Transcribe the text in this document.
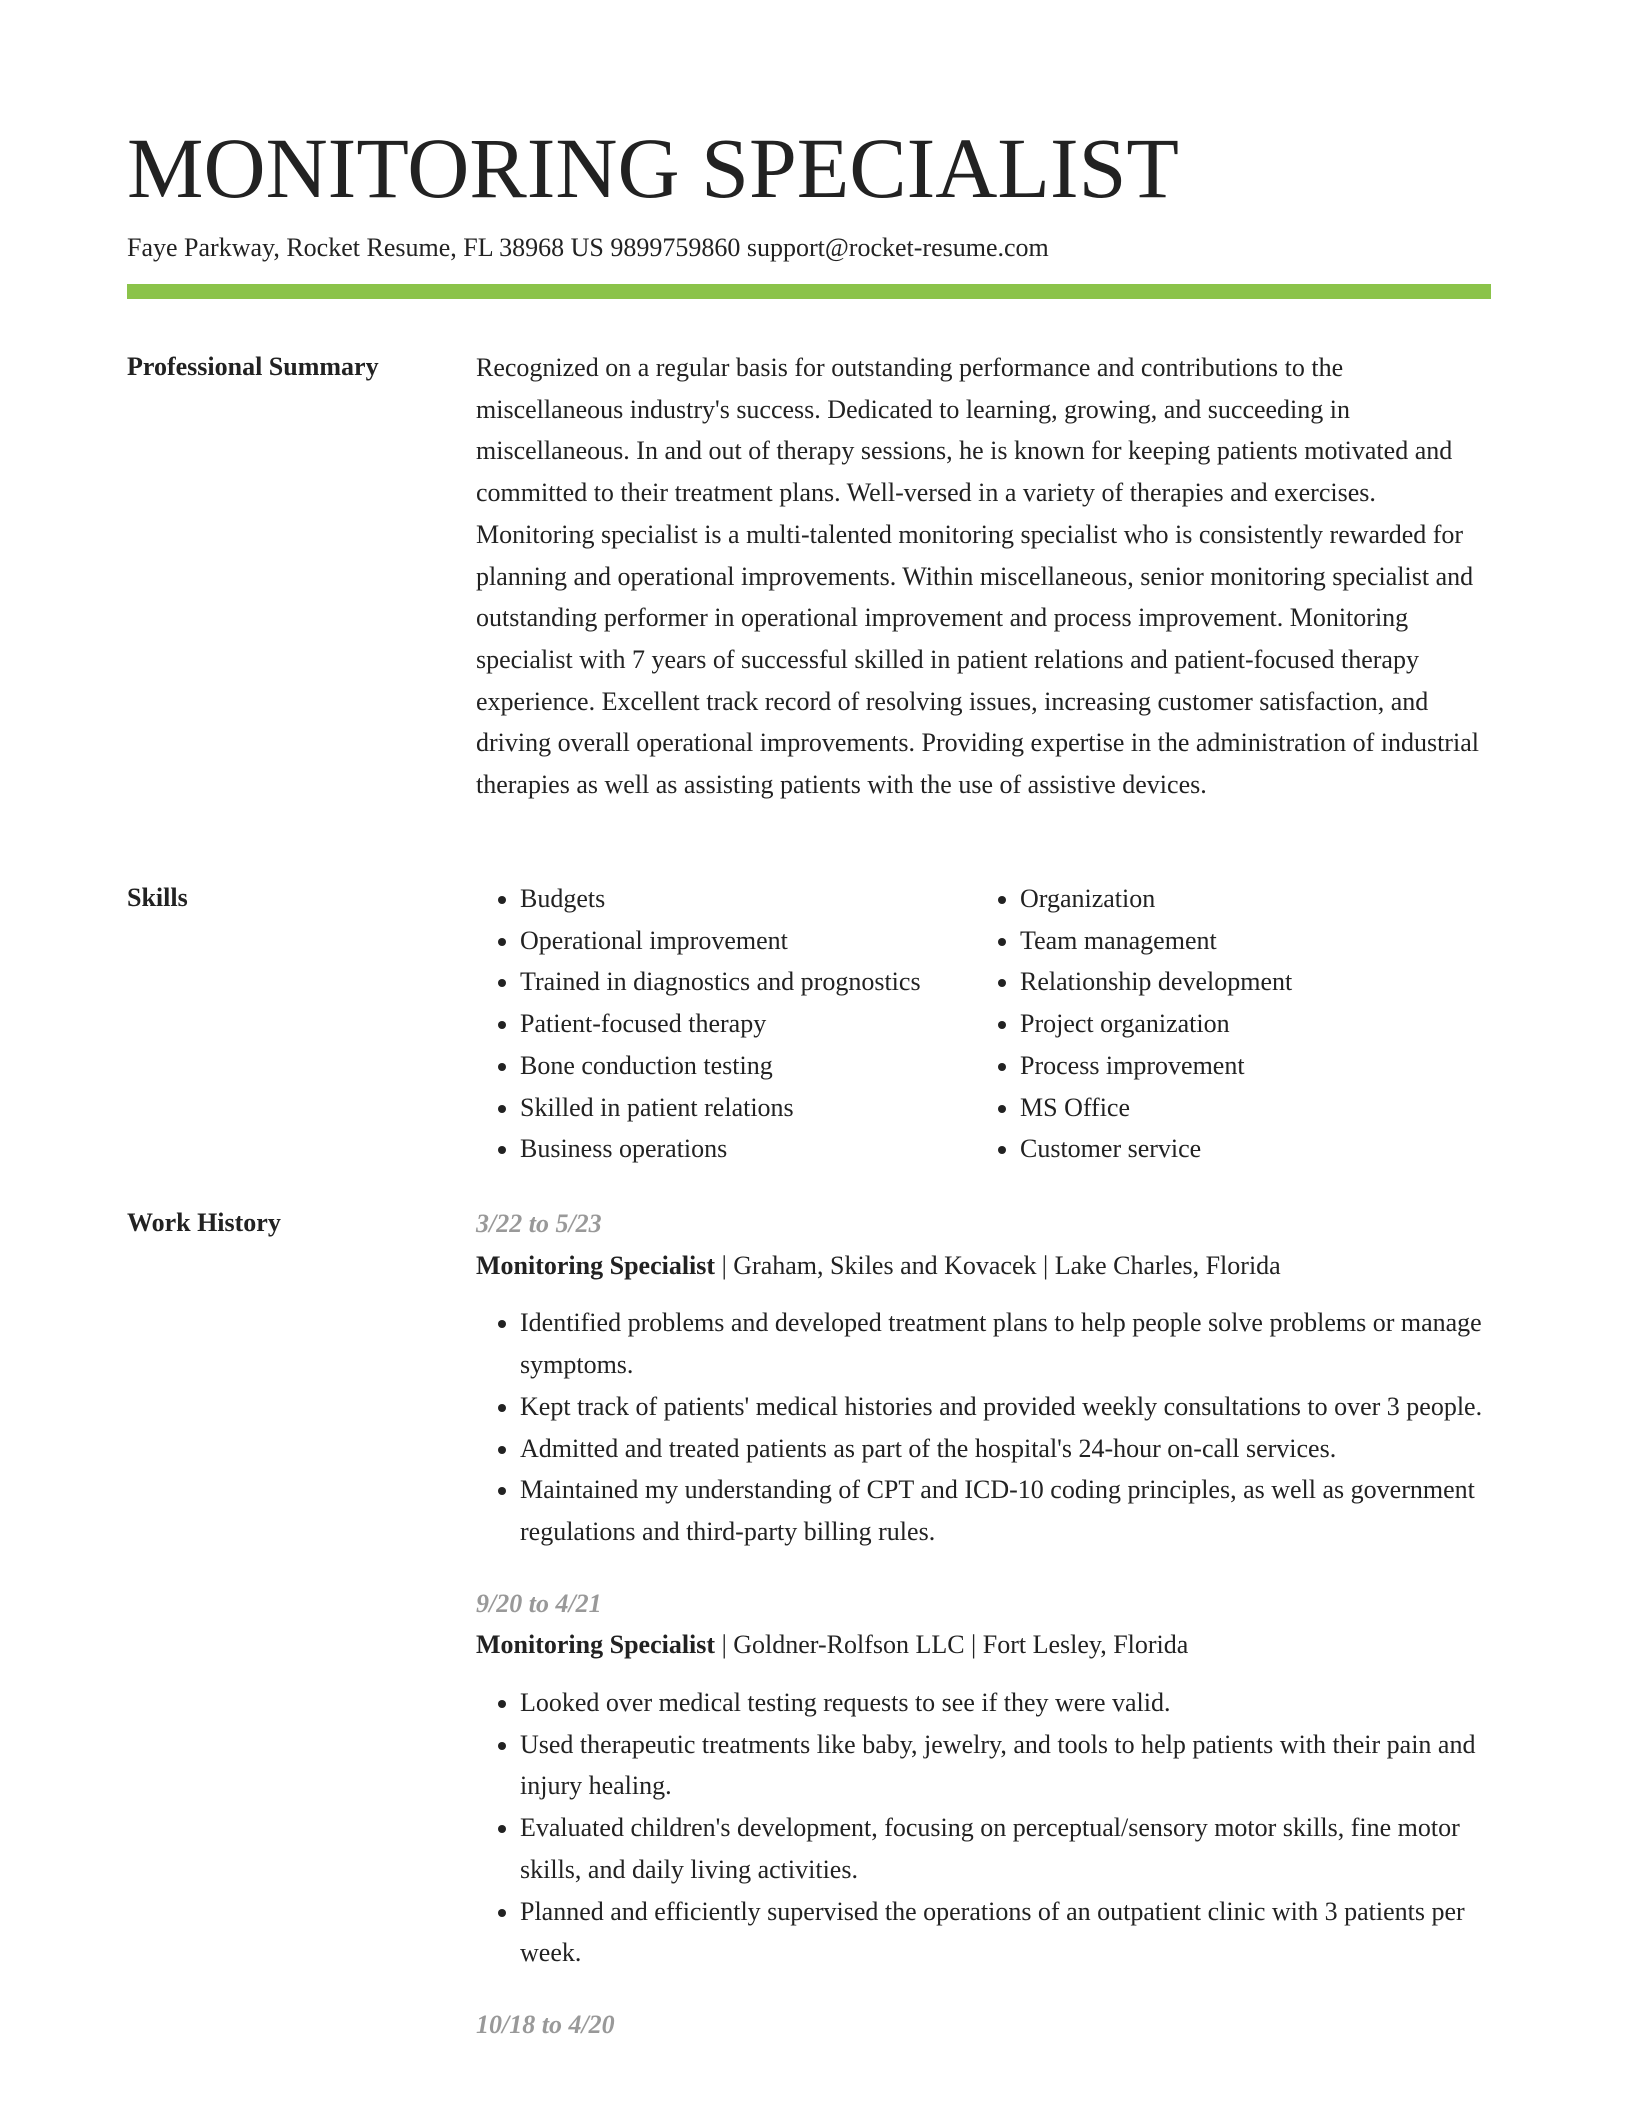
MONITORING SPECIALIST
Faye Parkway, Rocket Resume, FL 38968 US 9899759860 support@rocket-resume.com
Professional Summary	Recognized on a regular basis for outstanding performance and contributions to the miscellaneous industry's success. Dedicated to learning, growing, and succeeding in miscellaneous. In and out of therapy sessions, he is known for keeping patients motivated and committed to their treatment plans. Well-versed in a variety of therapies and exercises. Monitoring specialist is a multi-talented monitoring specialist who is consistently rewarded for planning and operational improvements. Within miscellaneous, senior monitoring specialist and outstanding performer in operational improvement and process improvement. Monitoring specialist with 7 years of successful skilled in patient relations and patient-focused therapy experience. Excellent track record of resolving issues, increasing customer satisfaction, and driving overall operational improvements. Providing expertise in the administration of industrial therapies as well as assisting patients with the use of assistive devices.

Skills
•	Budgets
• Operational improvement
• Trained in diagnostics and prognostics
• Patient-focused therapy
• Bone conduction testing
• Skilled in patient relations
• Business operations
• Organization
• Team management
• Relationship development
• Project organization
• Process improvement
• MS Office
• Customer service
Work History	3/22 to 5/23
Monitoring Specialist | Graham, Skiles and Kovacek | Lake Charles, Florida
• Identified problems and developed treatment plans to help people solve problems or manage symptoms.
• Kept track of patients' medical histories and provided weekly consultations to over 3 people.
• Admitted and treated patients as part of the hospital's 24-hour on-call services.
• Maintained my understanding of CPT and ICD-10 coding principles, as well as government regulations and third-party billing rules.
9/20 to 4/21
Monitoring Specialist | Goldner-Rolfson LLC | Fort Lesley, Florida
• Looked over medical testing requests to see if they were valid.
• Used therapeutic treatments like baby, jewelry, and tools to help patients with their pain and injury healing.
• Evaluated children's development, focusing on perceptual/sensory motor skills, fine motor skills, and daily living activities.
• Planned and efficiently supervised the operations of an outpatient clinic with 3 patients per week.
10/18 to 4/20
